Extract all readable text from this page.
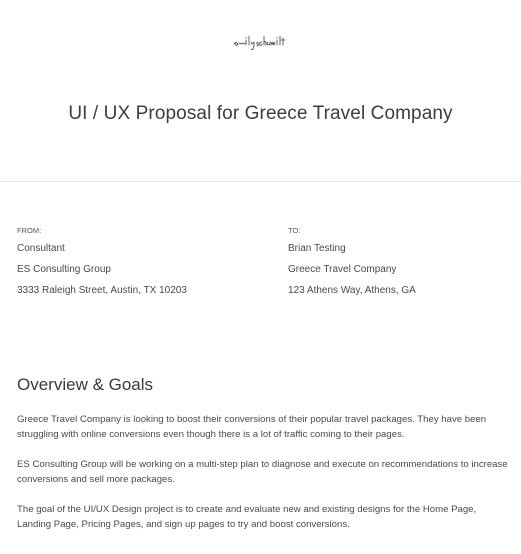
UI / UX Proposal for Greece Travel Company
FROM:
Consultant
ES Consulting Group
3333 Raleigh Street, Austin, TX 10203
TO:
Brian Testing
Greece Travel Company
123 Athens Way, Athens, GA
Overview & Goals

Greece Travel Company is looking to boost their conversions of their popular travel packages. They have been struggling with online conversions even though there is a lot of traffic coming to their pages.

ES Consulting Group will be working on a multi-step plan to diagnose and execute on recommendations to increase conversions and sell more packages.

The goal of the UI/UX Design project is to create and evaluate new and existing designs for the Home Page, Landing Page, Pricing Pages, and sign up pages to try and boost conversions.
